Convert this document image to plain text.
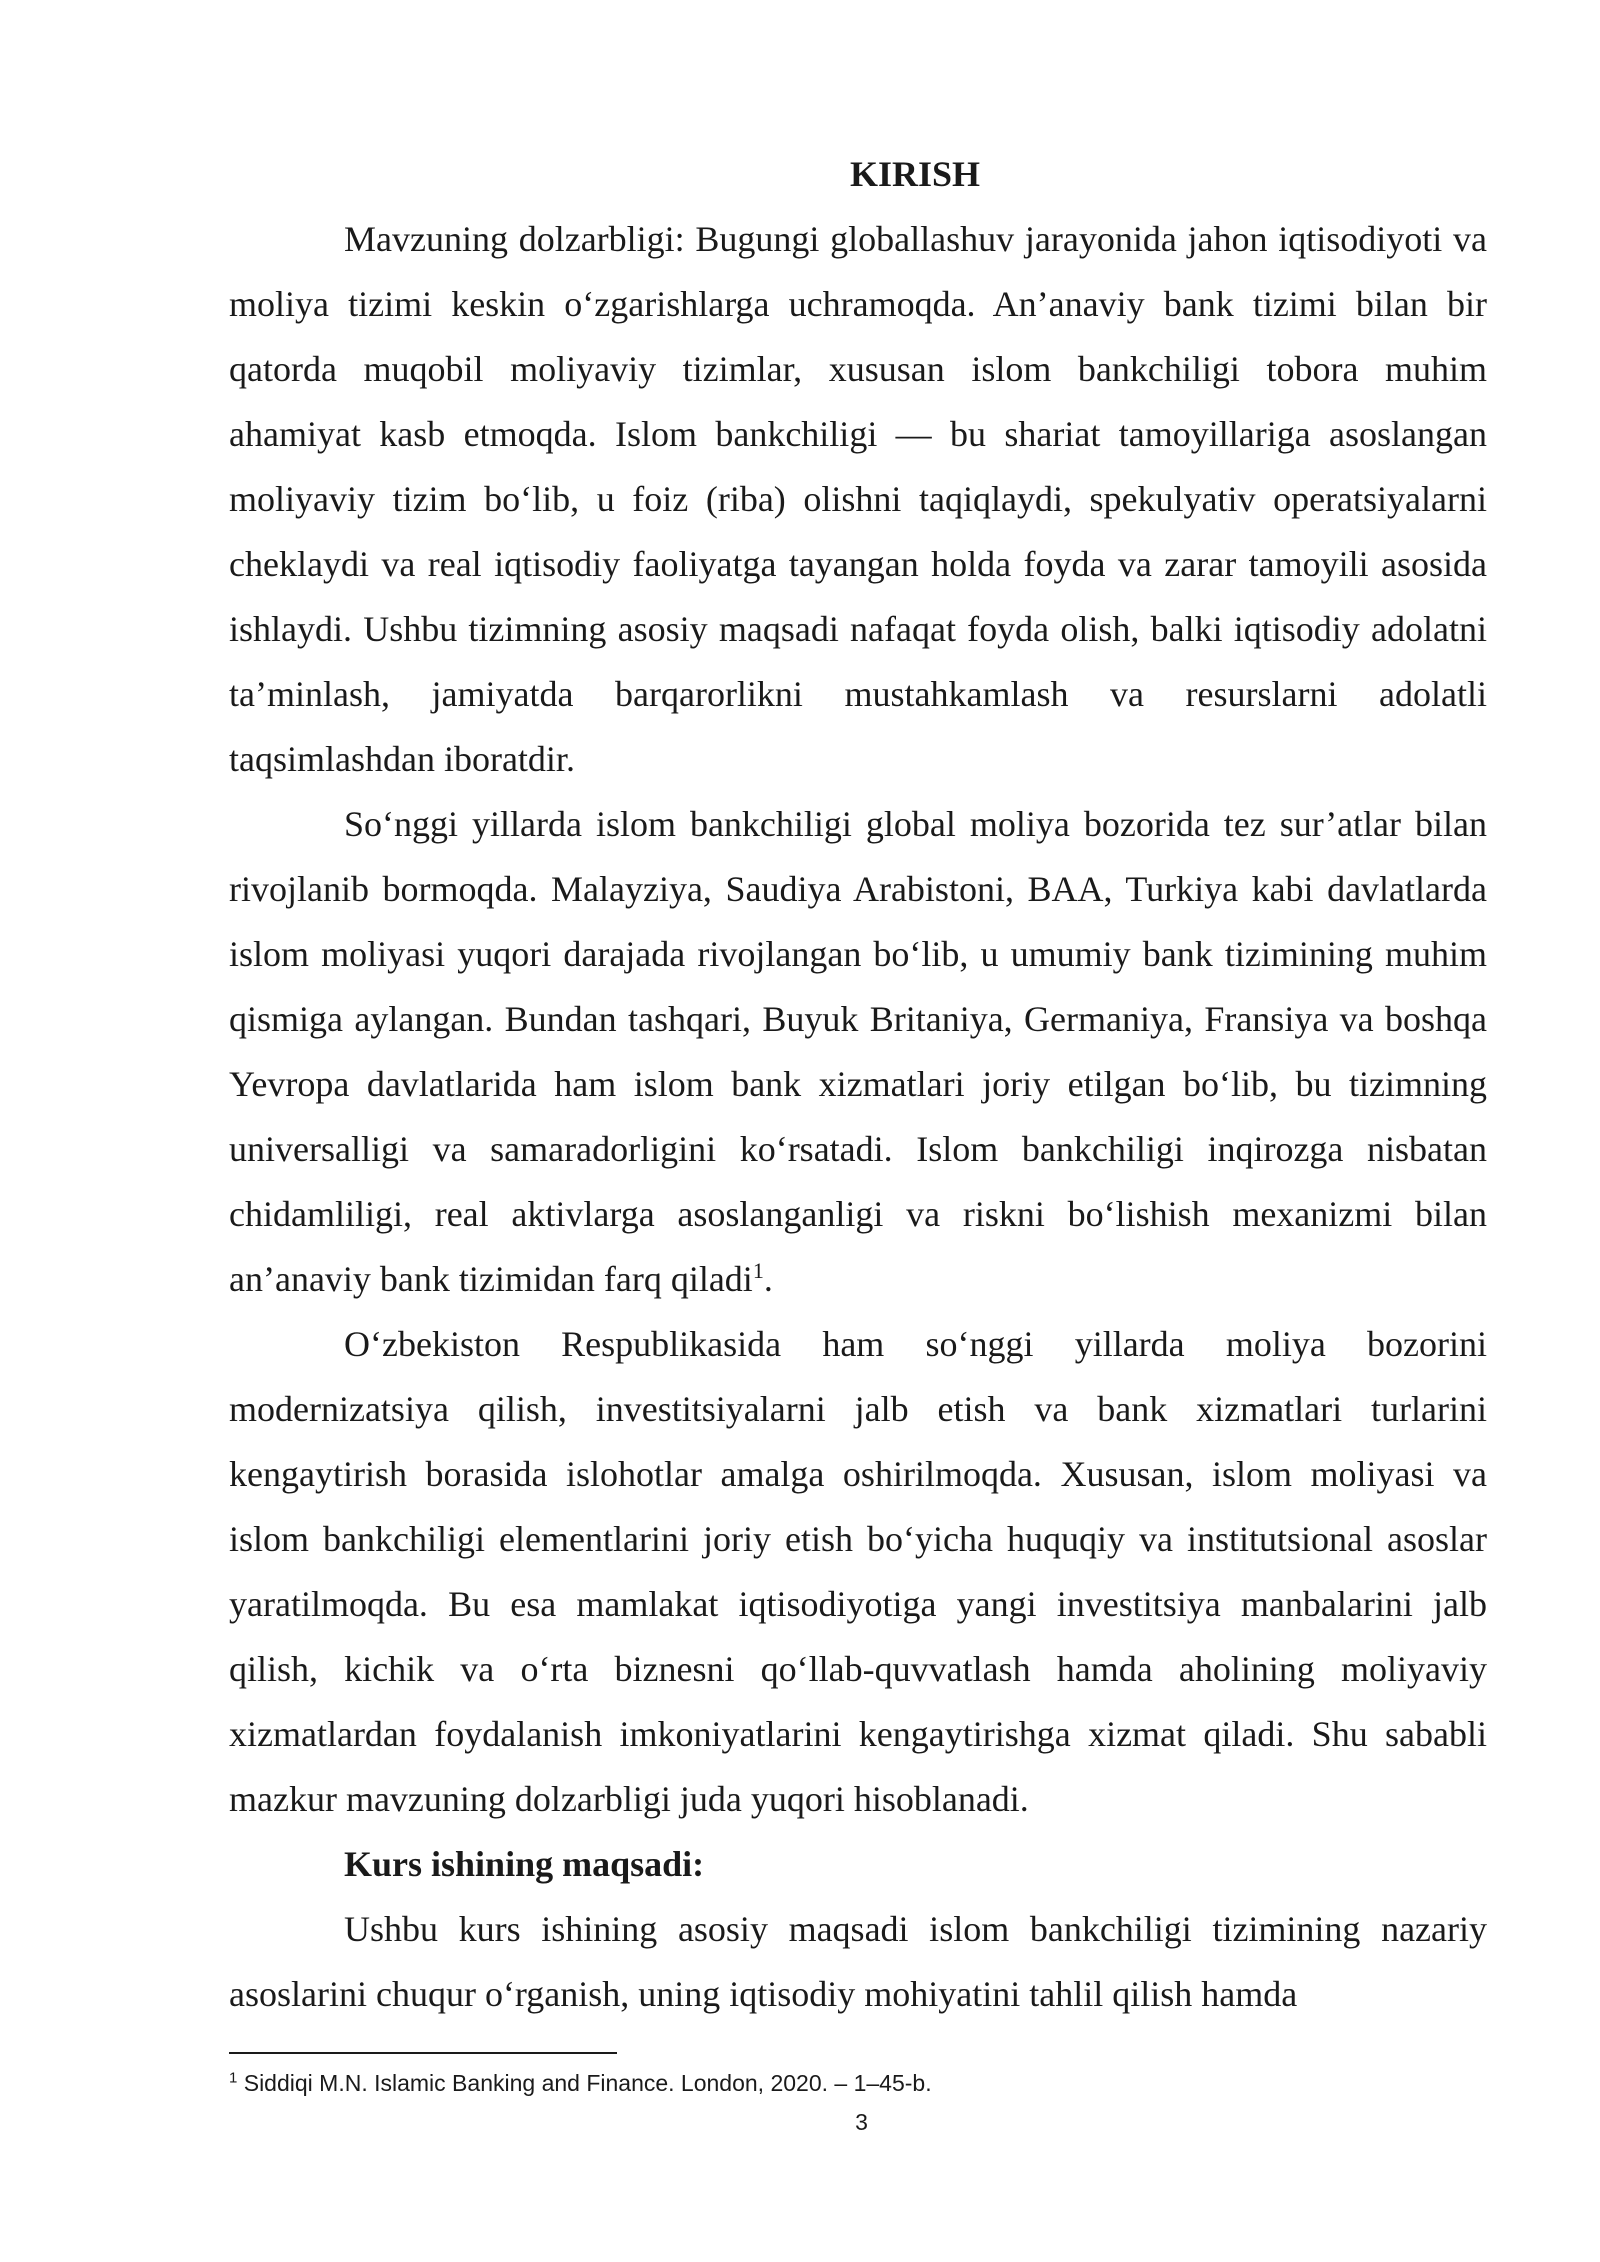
KIRISH

Mavzuning dolzarbligi: Bugungi globallashuv jarayonida jahon iqtisodiyoti va moliya tizimi keskin oʻzgarishlarga uchramoqda. An’anaviy bank tizimi bilan bir qatorda muqobil moliyaviy tizimlar, xususan islom bankchiligi tobora muhim ahamiyat kasb etmoqda. Islom bankchiligi — bu shariat tamoyillariga asoslangan moliyaviy tizim boʻlib, u foiz (riba) olishni taqiqlaydi, spekulyativ operatsiyalarni cheklaydi va real iqtisodiy faoliyatga tayangan holda foyda va zarar tamoyili asosida ishlaydi. Ushbu tizimning asosiy maqsadi nafaqat foyda olish, balki iqtisodiy adolatni ta’minlash, jamiyatda barqarorlikni mustahkamlash va resurslarni adolatli taqsimlashdan iboratdir.

Soʻnggi yillarda islom bankchiligi global moliya bozorida tez sur’atlar bilan rivojlanib bormoqda. Malayziya, Saudiya Arabistoni, BAA, Turkiya kabi davlatlarda islom moliyasi yuqori darajada rivojlangan boʻlib, u umumiy bank tizimining muhim qismiga aylangan. Bundan tashqari, Buyuk Britaniya, Germaniya, Fransiya va boshqa Yevropa davlatlarida ham islom bank xizmatlari joriy etilgan boʻlib, bu tizimning universalligi va samaradorligini koʻrsatadi. Islom bankchiligi inqirozga nisbatan chidamliligi, real aktivlarga asoslanganligi va riskni boʻlishish mexanizmi bilan an’anaviy bank tizimidan farq qiladi$^1$.

Oʻzbekiston Respublikasida ham soʻnggi yillarda moliya bozorini modernizatsiya qilish, investitsiyalarni jalb etish va bank xizmatlari turlarini kengaytirish borasida islohotlar amalga oshirilmoqda. Xususan, islom moliyasi va islom bankchiligi elementlarini joriy etish boʻyicha huquqiy va institutsional asoslar yaratilmoqda. Bu esa mamlakat iqtisodiyotiga yangi investitsiya manbalarini jalb qilish, kichik va oʻrta biznesni qoʻllab-quvvatlash hamda aholining moliyaviy xizmatlardan foydalanish imkoniyatlarini kengaytirishga xizmat qiladi. Shu sababli mazkur mavzuning dolzarbligi juda yuqori hisoblanadi.

Kurs ishining maqsadi:

Ushbu kurs ishining asosiy maqsadi islom bankchiligi tizimining nazariy asoslarini chuqur oʻrganish, uning iqtisodiy mohiyatini tahlil qilish hamda

$^1$ Siddiqi M.N. Islamic Banking and Finance. London, 2020. – 1–45-b.
3
